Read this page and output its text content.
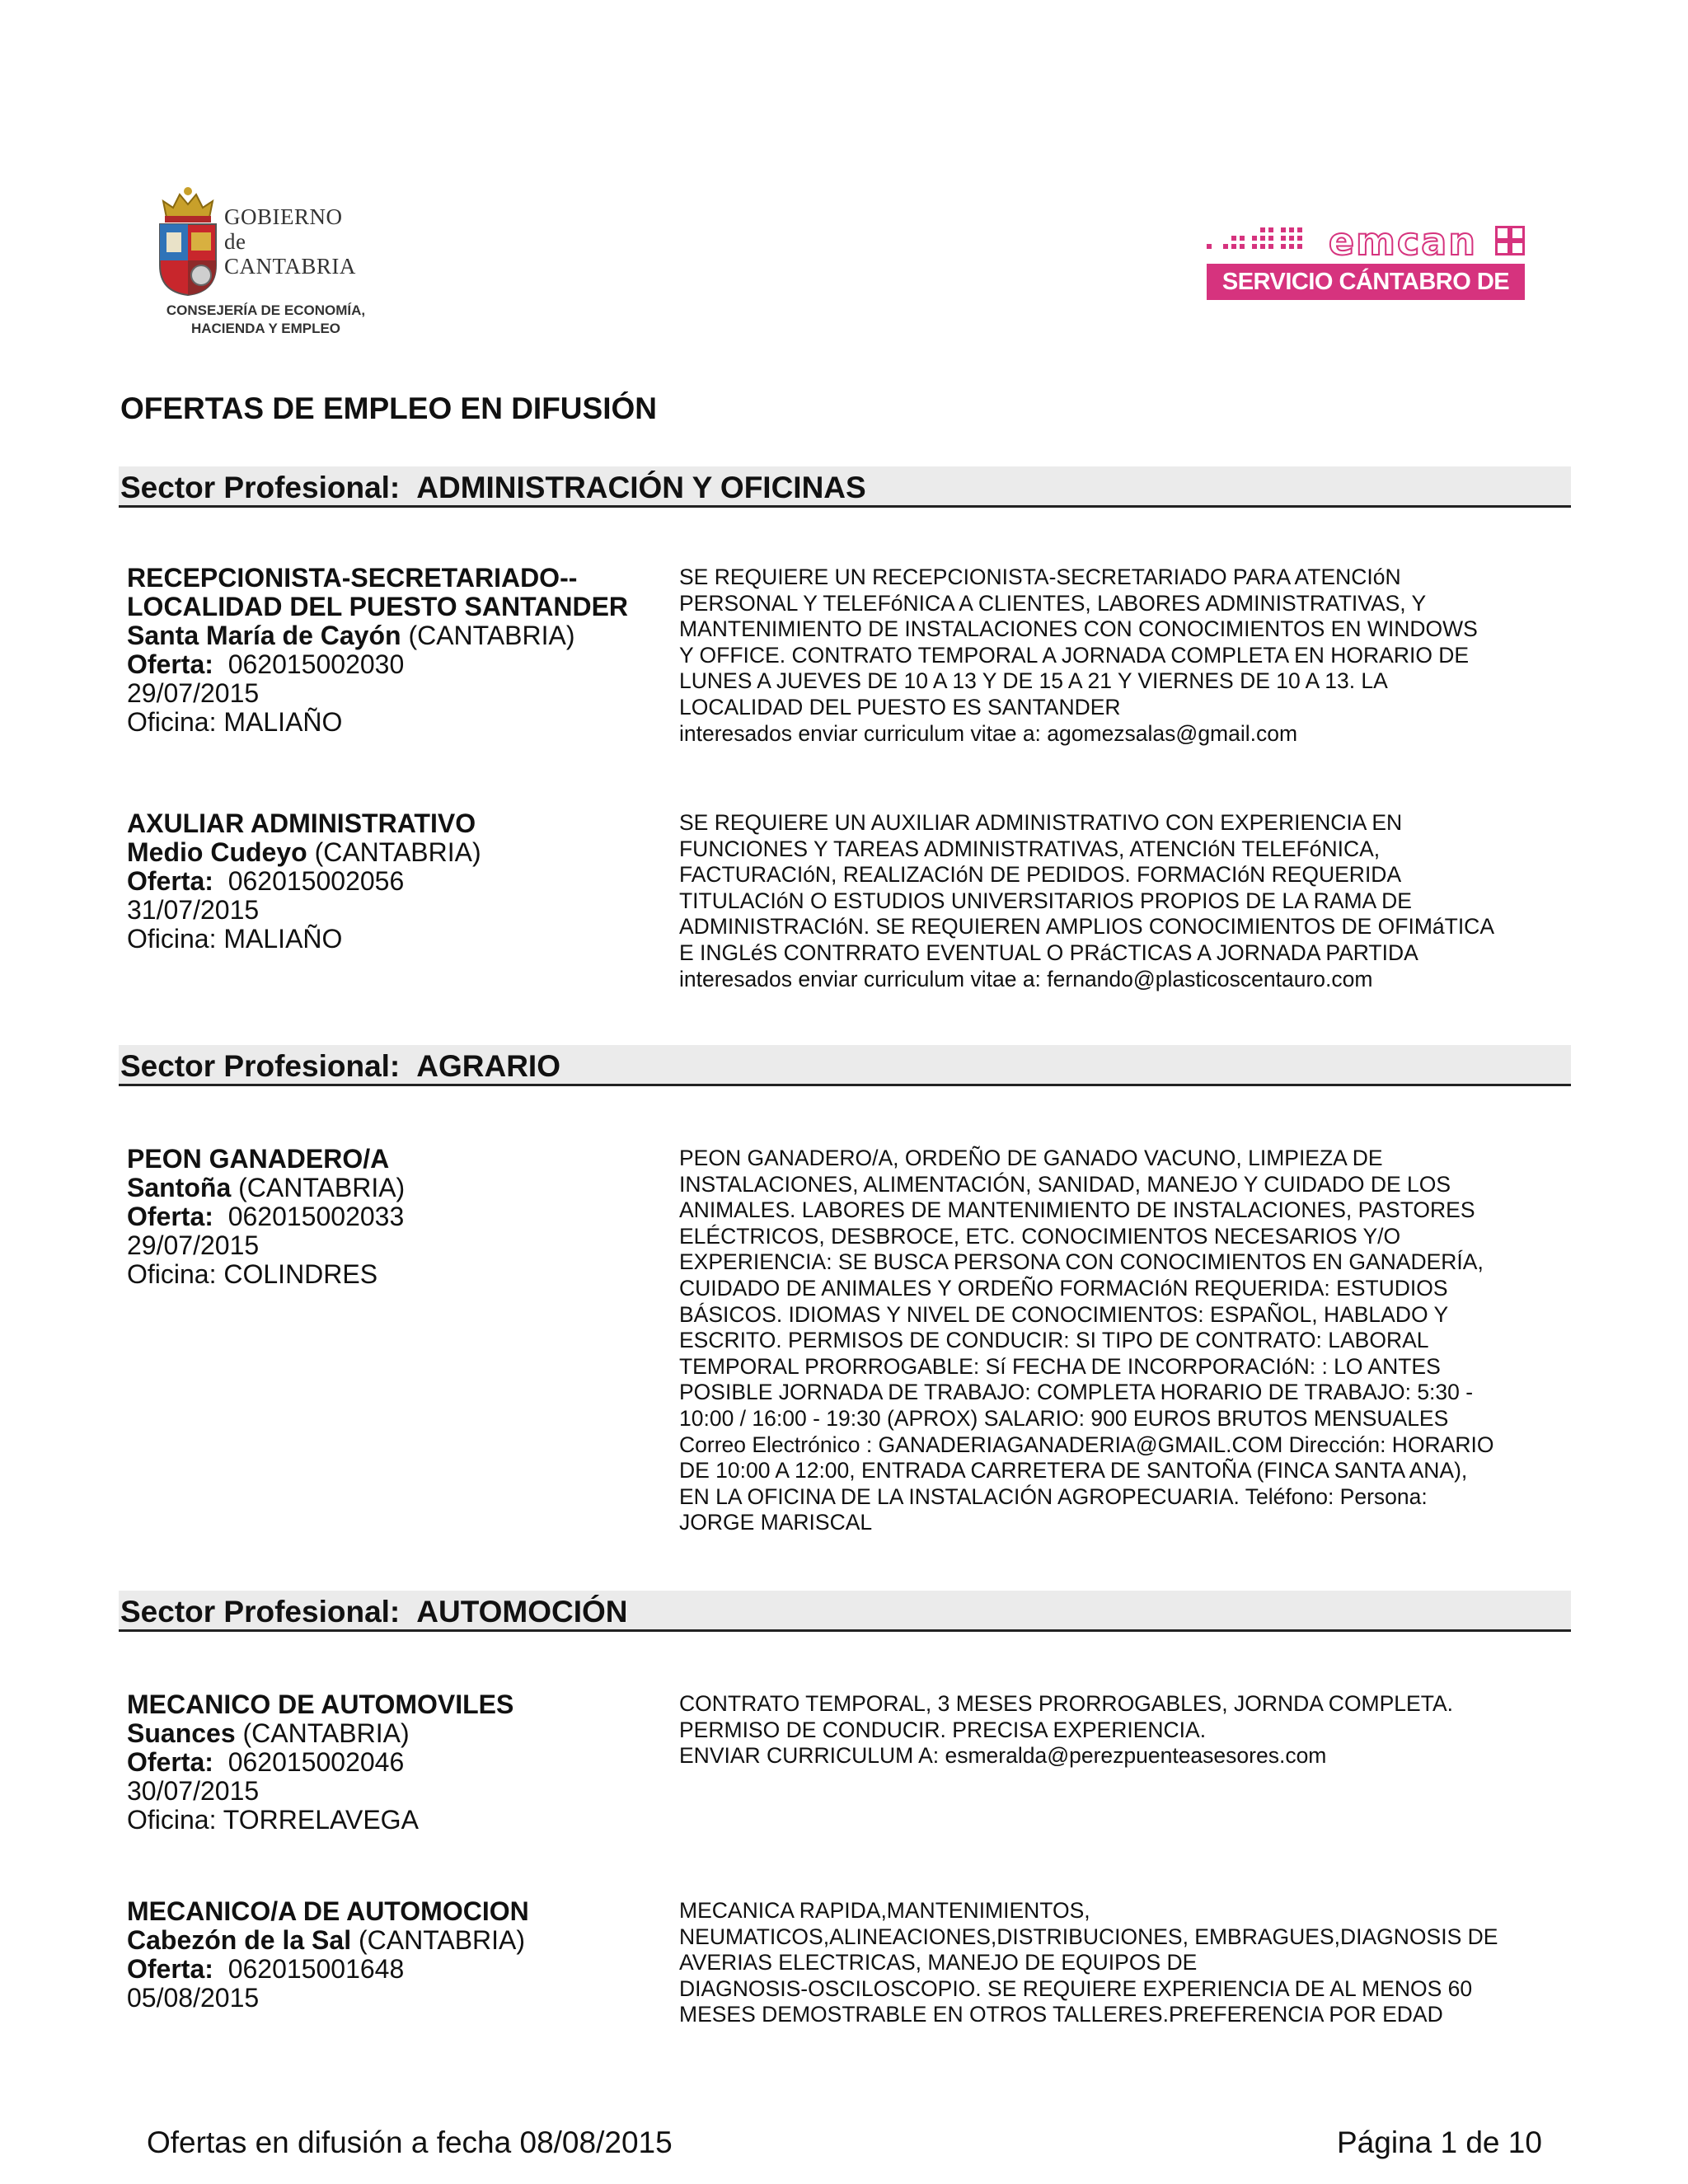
GOBIERNO
de
CANTABRIA
CONSEJERÍA DE ECONOMÍA,
HACIENDA Y EMPLEO
emcan
SERVICIO CÁNTABRO DE EMPLEO
OFERTAS DE EMPLEO EN DIFUSIÓN
Sector Profesional: ADMINISTRACIÓN Y OFICINAS
RECEPCIONISTA-SECRETARIADO--
LOCALIDAD DEL PUESTO SANTANDER
Santa María de Cayón (CANTABRIA)
Oferta: 062015002030
29/07/2015
Oficina: MALIAÑO
SE REQUIERE UN RECEPCIONISTA-SECRETARIADO PARA ATENCIóN
PERSONAL Y TELEFóNICA A CLIENTES, LABORES ADMINISTRATIVAS, Y
MANTENIMIENTO DE INSTALACIONES CON CONOCIMIENTOS EN WINDOWS
Y OFFICE. CONTRATO TEMPORAL A JORNADA COMPLETA EN HORARIO DE
LUNES A JUEVES DE 10 A 13 Y DE 15 A 21 Y VIERNES DE 10 A 13. LA
LOCALIDAD DEL PUESTO ES SANTANDER
interesados enviar curriculum vitae a: agomezsalas@gmail.com
AXULIAR ADMINISTRATIVO
Medio Cudeyo (CANTABRIA)
Oferta: 062015002056
31/07/2015
Oficina: MALIAÑO
SE REQUIERE UN AUXILIAR ADMINISTRATIVO CON EXPERIENCIA EN
FUNCIONES Y TAREAS ADMINISTRATIVAS, ATENCIóN TELEFóNICA,
FACTURACIóN, REALIZACIóN DE PEDIDOS. FORMACIóN REQUERIDA
TITULACIóN O ESTUDIOS UNIVERSITARIOS PROPIOS DE LA RAMA DE
ADMINISTRACIóN. SE REQUIEREN AMPLIOS CONOCIMIENTOS DE OFIMáTICA
E INGLéS CONTRRATO EVENTUAL O PRáCTICAS A JORNADA PARTIDA
interesados enviar curriculum vitae a: fernando@plasticoscentauro.com
Sector Profesional: AGRARIO
PEON GANADERO/A
Santoña (CANTABRIA)
Oferta: 062015002033
29/07/2015
Oficina: COLINDRES
PEON GANADERO/A, ORDEÑO DE GANADO VACUNO, LIMPIEZA DE
INSTALACIONES, ALIMENTACIÓN, SANIDAD, MANEJO Y CUIDADO DE LOS
ANIMALES. LABORES DE MANTENIMIENTO DE INSTALACIONES, PASTORES
ELÉCTRICOS, DESBROCE, ETC. CONOCIMIENTOS NECESARIOS Y/O
EXPERIENCIA: SE BUSCA PERSONA CON CONOCIMIENTOS EN GANADERÍA,
CUIDADO DE ANIMALES Y ORDEÑO FORMACIóN REQUERIDA: ESTUDIOS
BÁSICOS. IDIOMAS Y NIVEL DE CONOCIMIENTOS: ESPAÑOL, HABLADO Y
ESCRITO. PERMISOS DE CONDUCIR: SI TIPO DE CONTRATO: LABORAL
TEMPORAL PRORROGABLE: Sí FECHA DE INCORPORACIóN: : LO ANTES
POSIBLE JORNADA DE TRABAJO: COMPLETA HORARIO DE TRABAJO: 5:30 -
10:00 / 16:00 - 19:30 (APROX) SALARIO: 900 EUROS BRUTOS MENSUALES
Correo Electrónico : GANADERIAGANADERIA@GMAIL.COM Dirección: HORARIO
DE 10:00 A 12:00, ENTRADA CARRETERA DE SANTOÑA (FINCA SANTA ANA),
EN LA OFICINA DE LA INSTALACIÓN AGROPECUARIA. Teléfono: Persona:
JORGE MARISCAL
Sector Profesional: AUTOMOCIÓN
MECANICO DE AUTOMOVILES
Suances (CANTABRIA)
Oferta: 062015002046
30/07/2015
Oficina: TORRELAVEGA
CONTRATO TEMPORAL, 3 MESES PRORROGABLES, JORNDA COMPLETA.
PERMISO DE CONDUCIR. PRECISA EXPERIENCIA.
ENVIAR CURRICULUM A: esmeralda@perezpuenteasesores.com
MECANICO/A DE AUTOMOCION
Cabezón de la Sal (CANTABRIA)
Oferta: 062015001648
05/08/2015
MECANICA RAPIDA,MANTENIMIENTOS,
NEUMATICOS,ALINEACIONES,DISTRIBUCIONES, EMBRAGUES,DIAGNOSIS DE
AVERIAS ELECTRICAS, MANEJO DE EQUIPOS DE
DIAGNOSIS-OSCILOSCOPIO. SE REQUIERE EXPERIENCIA DE AL MENOS 60
MESES DEMOSTRABLE EN OTROS TALLERES.PREFERENCIA POR EDAD
Ofertas en difusión a fecha 08/08/2015	Página 1 de 10
